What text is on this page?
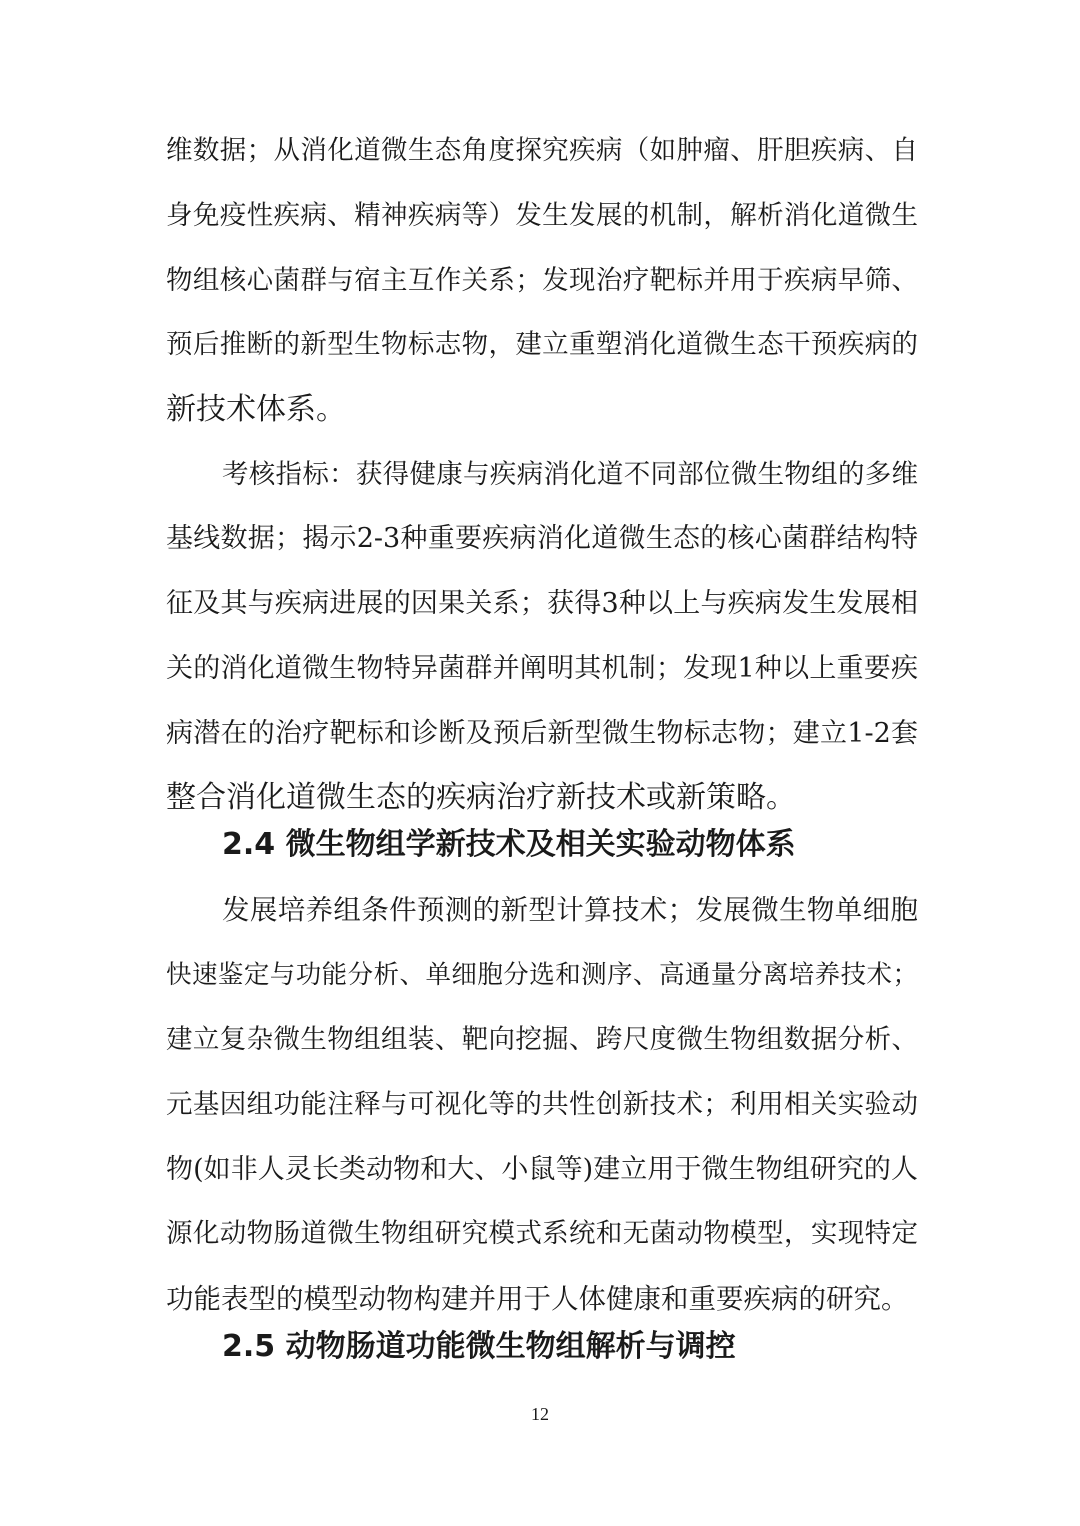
维数据；从消化道微生态角度探究疾病（如肿瘤、肝胆疾病、自
身免疫性疾病、精神疾病等）发生发展的机制，解析消化道微生
物组核心菌群与宿主互作关系；发现治疗靶标并用于疾病早筛、
预后推断的新型生物标志物，建立重塑消化道微生态干预疾病的
新技术体系。
考核指标：获得健康与疾病消化道不同部位微生物组的多维
基线数据；揭示2-3种重要疾病消化道微生态的核心菌群结构特
征及其与疾病进展的因果关系；获得3种以上与疾病发生发展相
关的消化道微生物特异菌群并阐明其机制；发现1种以上重要疾
病潜在的治疗靶标和诊断及预后新型微生物标志物；建立1-2套
整合消化道微生态的疾病治疗新技术或新策略。
2.4 微生物组学新技术及相关实验动物体系
发展培养组条件预测的新型计算技术；发展微生物单细胞
快速鉴定与功能分析、单细胞分选和测序、高通量分离培养技术；
建立复杂微生物组组装、靶向挖掘、跨尺度微生物组数据分析、
元基因组功能注释与可视化等的共性创新技术；利用相关实验动
物(如非人灵长类动物和大、小鼠等)建立用于微生物组研究的人
源化动物肠道微生物组研究模式系统和无菌动物模型，实现特定
功能表型的模型动物构建并用于人体健康和重要疾病的研究。
2.5 动物肠道功能微生物组解析与调控
12
